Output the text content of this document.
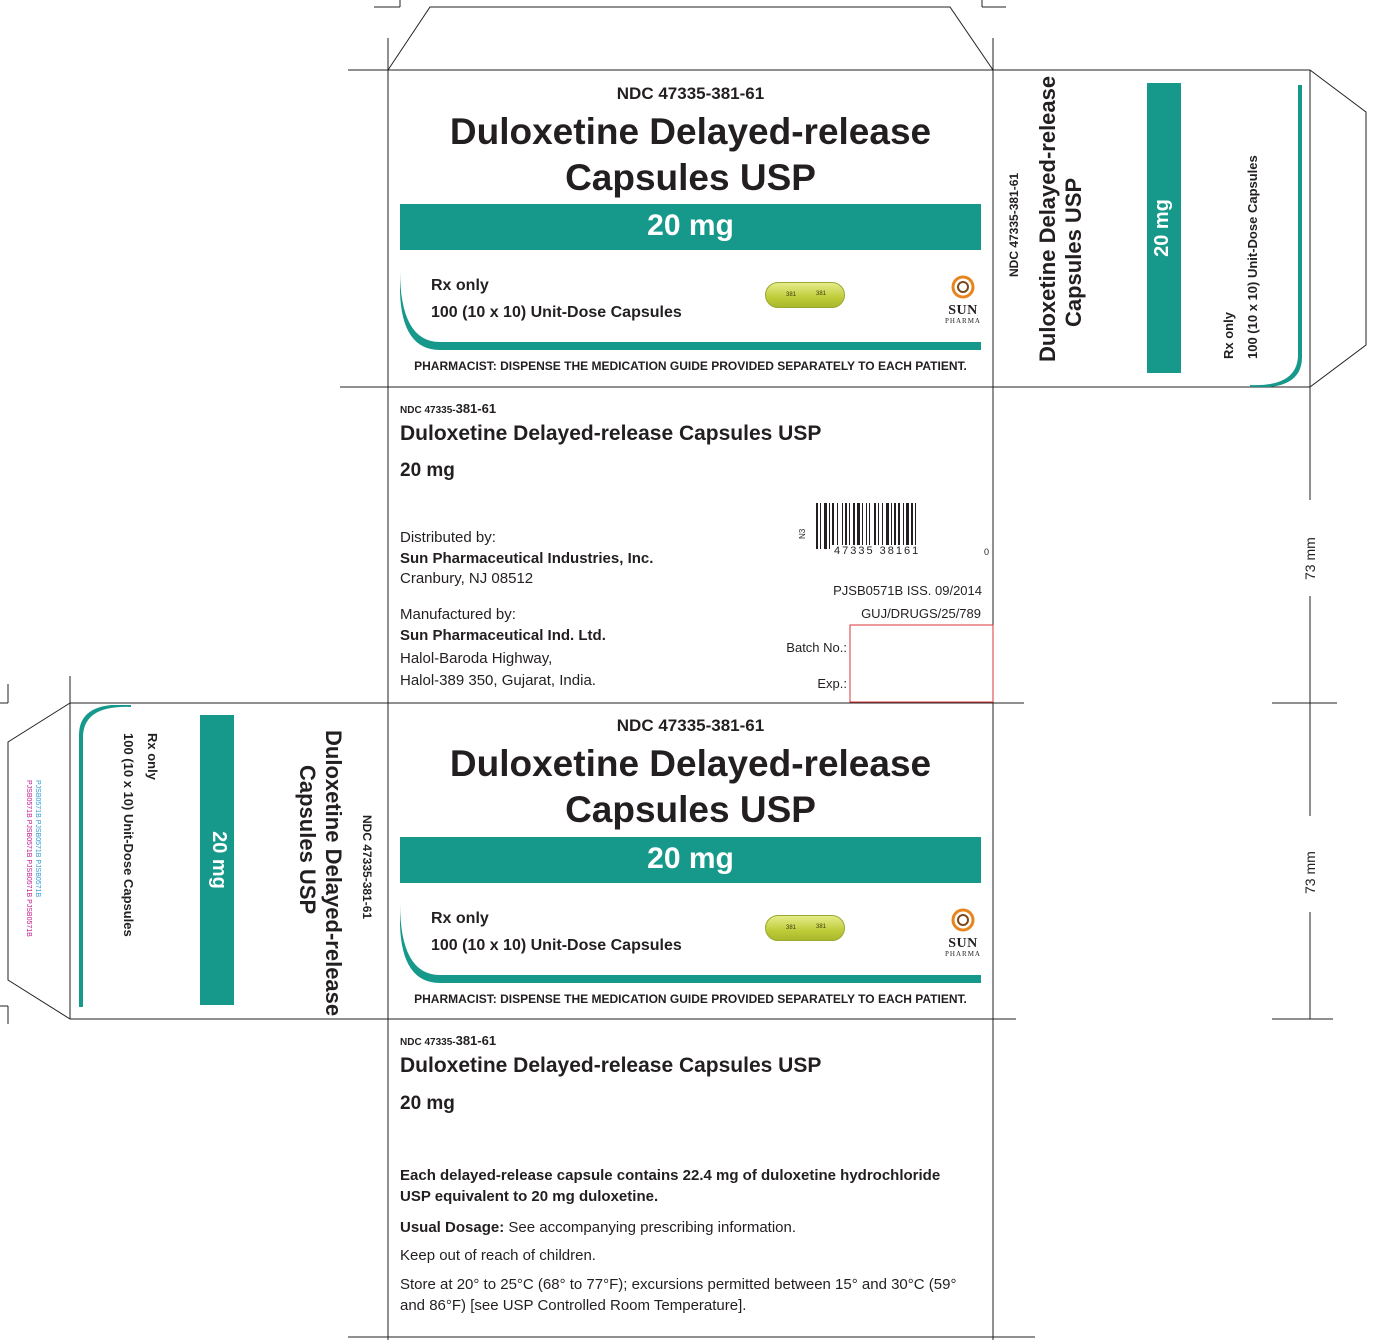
NDC 47335-381-61
Duloxetine Delayed-release
Capsules USP
20 mg
Rx only
100 (10 x 10) Unit-Dose Capsules
381	381
SUN
PHARMA
PHARMACIST: DISPENSE THE MEDICATION GUIDE PROVIDED SEPARATELY TO EACH PATIENT.
NDC 47335-381-61 Duloxetine Delayed-release Capsules USP	20 mg
Rx only 100 (10 x 10) Unit-Dose Capsules
NDC 47335-381-61
Duloxetine Delayed-release Capsules USP
20 mg
Distributed by:
Sun Pharmaceutical Industries, Inc.
Cranbury, NJ 08512
Manufactured by:
Sun Pharmaceutical Ind. Ltd.
Halol-Baroda Highway,
Halol-389 350, Gujarat, India.
N3
47335 38161	0
PJSB0571B ISS. 09/2014
GUJ/DRUGS/25/789
Batch No.:
Exp.:
NDC 47335-381-61
Duloxetine Delayed-release
Capsules USP
20 mg
Rx only
100 (10 x 10) Unit-Dose Capsules
381	381
SUN
PHARMA
PHARMACIST: DISPENSE THE MEDICATION GUIDE PROVIDED SEPARATELY TO EACH PATIENT.
NDC 47335-381-61
Duloxetine Delayed-release
Capsules USP
20 mg
Rx only
100 (10 x 10) Unit-Dose Capsules
PJSB0571B PJSB0571B PJSB0571B
PJSB0571B PJSB0571B PJSB0571B PJSB0571B
NDC 47335-381-61
Duloxetine Delayed-release Capsules USP
20 mg
Each delayed-release capsule contains 22.4 mg of duloxetine hydrochloride USP equivalent to 20 mg duloxetine.
Usual Dosage: See accompanying prescribing information.
Keep out of reach of children.
Store at 20° to 25°C (68° to 77°F); excursions permitted between 15° and 30°C (59° and 86°F) [see USP Controlled Room Temperature].
73 mm
73 mm
